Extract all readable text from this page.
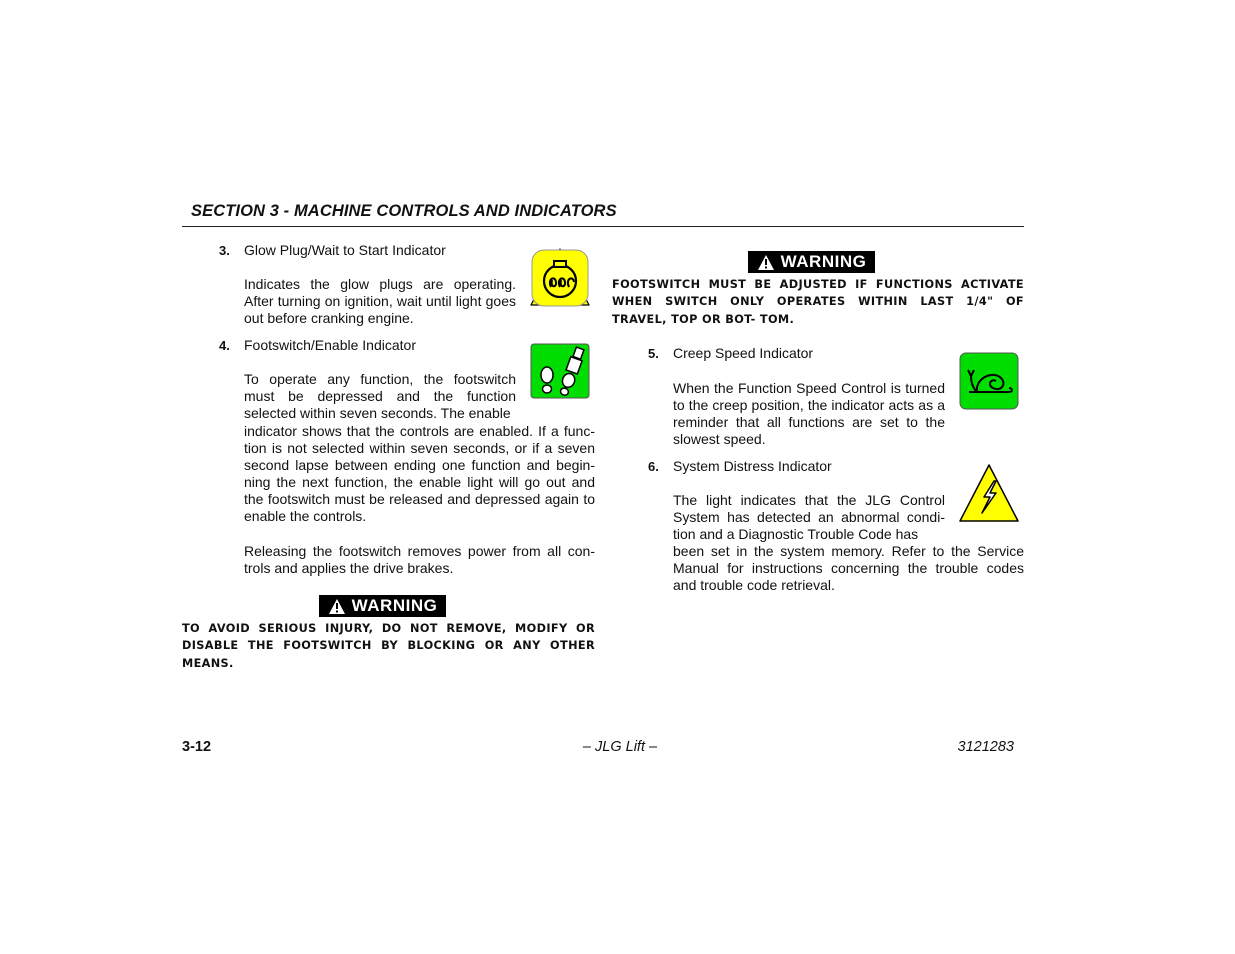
SECTION 3 - MACHINE CONTROLS AND INDICATORS
3. Glow Plug/Wait to Start Indicator
Indicates the glow plugs are operating. After turning on ignition, wait until light goes out before cranking engine.
4. Footswitch/Enable Indicator
To operate any function, the footswitch must be depressed and the function selected within seven seconds. The enable
indicator shows that the controls are enabled. If a func- tion is not selected within seven seconds, or if a seven second lapse between ending one function and begin- ning the next function, the enable light will go out and the footswitch must be released and depressed again to enable the controls.
Releasing the footswitch removes power from all con- trols and applies the drive brakes.
WARNING
TO AVOID SERIOUS INJURY, DO NOT REMOVE, MODIFY OR DISABLE THE FOOTSWITCH BY BLOCKING OR ANY OTHER MEANS.
WARNING
FOOTSWITCH MUST BE ADJUSTED IF FUNCTIONS ACTIVATE WHEN SWITCH ONLY OPERATES WITHIN LAST 1/4" OF TRAVEL, TOP OR BOT- TOM.
5. Creep Speed Indicator
When the Function Speed Control is turned to the creep position, the indicator acts as a reminder that all functions are set to the slowest speed.
6. System Distress Indicator
The light indicates that the JLG Control System has detected an abnormal condi- tion and a Diagnostic Trouble Code has
been set in the system memory. Refer to the Service Manual for instructions concerning the trouble codes and trouble code retrieval.
3-12	– JLG Lift –	3121283
